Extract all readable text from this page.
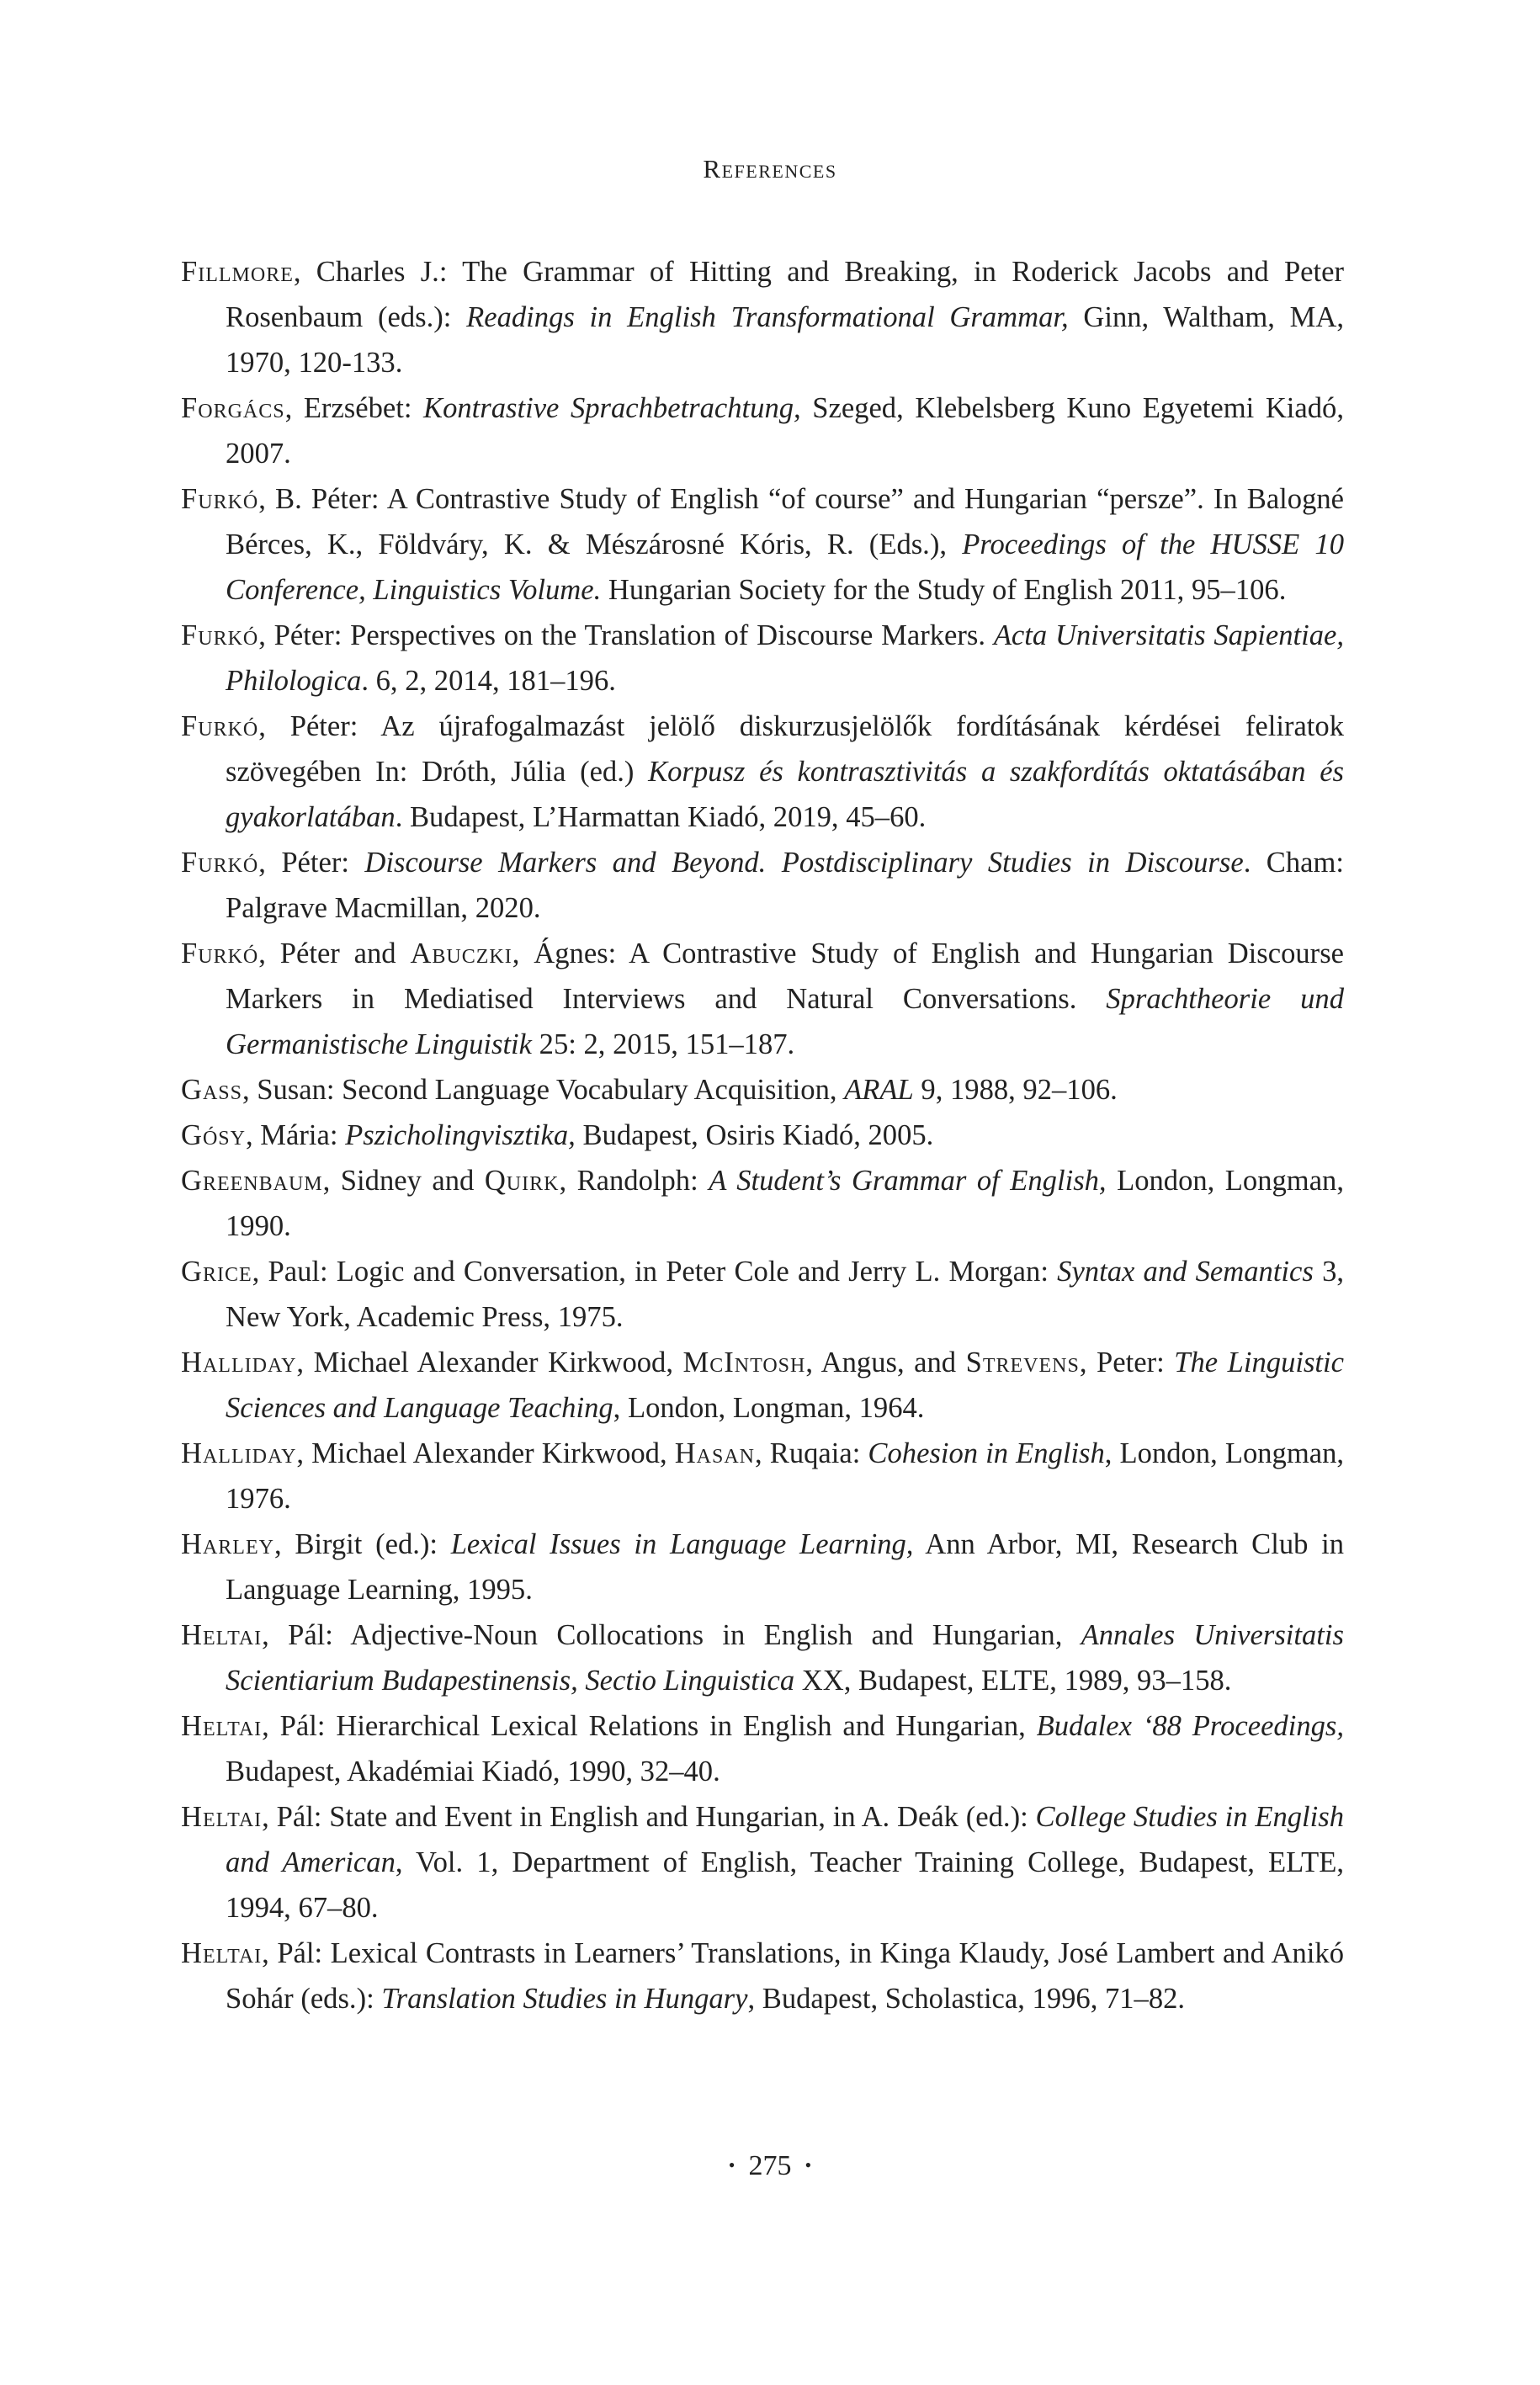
References
Fillmore, Charles J.: The Grammar of Hitting and Breaking, in Roderick Jacobs and Peter Rosenbaum (eds.): Readings in English Transformational Grammar, Ginn, Waltham, MA, 1970, 120-133.
Forgács, Erzsébet: Kontrastive Sprachbetrachtung, Szeged, Klebelsberg Kuno Egyetemi Kiadó, 2007.
Furkó, B. Péter: A Contrastive Study of English “of course” and Hungarian “persze”. In Balogné Bérces, K., Földváry, K. & Mészárosné Kóris, R. (Eds.), Proceedings of the HUSSE 10 Conference, Linguistics Volume. Hungarian Society for the Study of English 2011, 95–106.
Furkó, Péter: Perspectives on the Translation of Discourse Markers. Acta Universitatis Sapientiae, Philologica. 6, 2, 2014, 181–196.
Furkó, Péter: Az újrafogalmazást jelölő diskurzusjelölők fordításának kérdései feliratok szövegében In: Dróth, Júlia (ed.) Korpusz és kontrasztivitás a szakfordítás oktatásában és gyakorlatában. Budapest, L’Harmattan Kiadó, 2019, 45–60.
Furkó, Péter: Discourse Markers and Beyond. Postdisciplinary Studies in Discourse. Cham: Palgrave Macmillan, 2020.
Furkó, Péter and Abuczki, Ágnes: A Contrastive Study of English and Hungarian Discourse Markers in Mediatised Interviews and Natural Conversations. Sprachtheorie und Germanistische Linguistik 25: 2, 2015, 151–187.
Gass, Susan: Second Language Vocabulary Acquisition, ARAL 9, 1988, 92–106.
Gósy, Mária: Pszicholingvisztika, Budapest, Osiris Kiadó, 2005.
Greenbaum, Sidney and Quirk, Randolph: A Student’s Grammar of English, London, Longman, 1990.
Grice, Paul: Logic and Conversation, in Peter Cole and Jerry L. Morgan: Syntax and Semantics 3, New York, Academic Press, 1975.
Halliday, Michael Alexander Kirkwood, McIntosh, Angus, and Strevens, Peter: The Linguistic Sciences and Language Teaching, London, Longman, 1964.
Halliday, Michael Alexander Kirkwood, Hasan, Ruqaia: Cohesion in English, London, Longman, 1976.
Harley, Birgit (ed.): Lexical Issues in Language Learning, Ann Arbor, MI, Research Club in Language Learning, 1995.
Heltai, Pál: Adjective-Noun Collocations in English and Hungarian, Annales Universitatis Scientiarium Budapestinensis, Sectio Linguistica XX, Budapest, ELTE, 1989, 93–158.
Heltai, Pál: Hierarchical Lexical Relations in English and Hungarian, Budalex ‘88 Proceedings, Budapest, Akadémiai Kiadó, 1990, 32–40.
Heltai, Pál: State and Event in English and Hungarian, in A. Deák (ed.): College Studies in English and American, Vol. 1, Department of English, Teacher Training College, Budapest, ELTE, 1994, 67–80.
Heltai, Pál: Lexical Contrasts in Learners’ Translations, in Kinga Klaudy, José Lambert and Anikó Sohár (eds.): Translation Studies in Hungary, Budapest, Scholastica, 1996, 71–82.
• 275 •
